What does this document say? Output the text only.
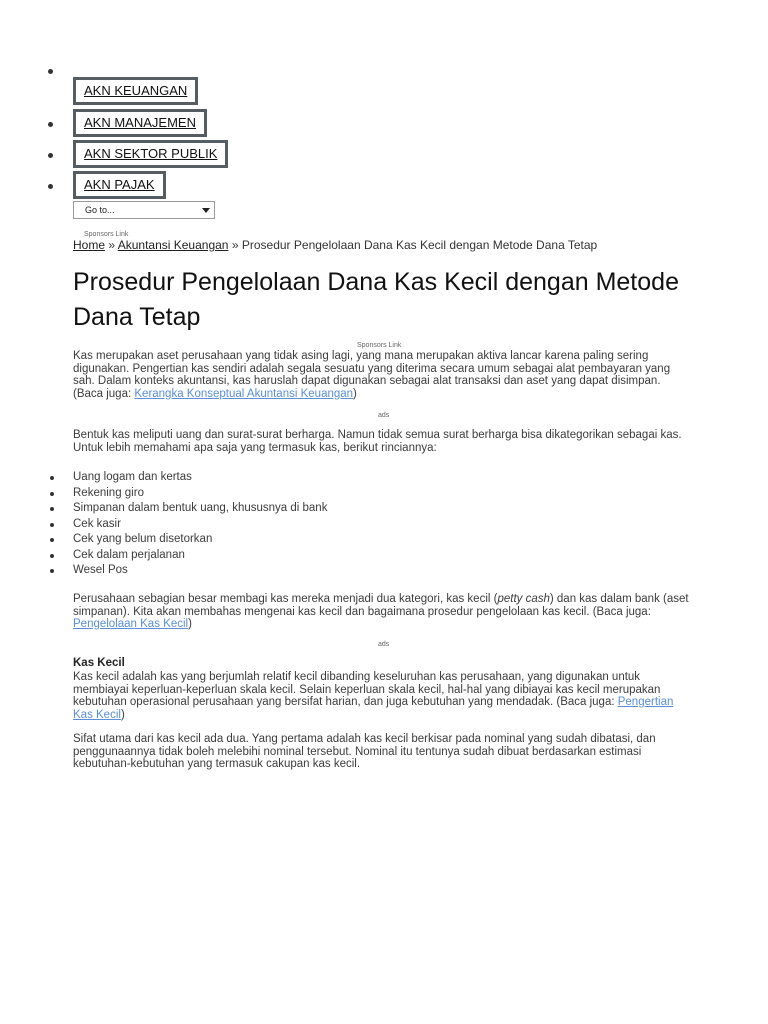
AKN KEUANGAN
AKN MANAJEMEN
AKN SEKTOR PUBLIK
AKN PAJAK
Go to...
Sponsors Link
Home » Akuntansi Keuangan » Prosedur Pengelolaan Dana Kas Kecil dengan Metode Dana Tetap
Prosedur Pengelolaan Dana Kas Kecil dengan Metode Dana Tetap
Sponsors Link

Kas merupakan aset perusahaan yang tidak asing lagi, yang mana merupakan aktiva lancar karena paling sering digunakan. Pengertian kas sendiri adalah segala sesuatu yang diterima secara umum sebagai alat pembayaran yang sah. Dalam konteks akuntansi, kas haruslah dapat digunakan sebagai alat transaksi dan aset yang dapat disimpan. (Baca juga: Kerangka Konseptual Akuntansi Keuangan)

ads

Bentuk kas meliputi uang dan surat-surat berharga. Namun tidak semua surat berharga bisa dikategorikan sebagai kas. Untuk lebih memahami apa saja yang termasuk kas, berikut rinciannya:

Uang logam dan kertas
Rekening giro
Simpanan dalam bentuk uang, khususnya di bank
Cek kasir
Cek yang belum disetorkan
Cek dalam perjalanan
Wesel Pos

Perusahaan sebagian besar membagi kas mereka menjadi dua kategori, kas kecil (petty cash) dan kas dalam bank (aset simpanan). Kita akan membahas mengenai kas kecil dan bagaimana prosedur pengelolaan kas kecil. (Baca juga: Pengelolaan Kas Kecil)

ads
Kas Kecil

Kas kecil adalah kas yang berjumlah relatif kecil dibanding keseluruhan kas perusahaan, yang digunakan untuk membiayai keperluan-keperluan skala kecil. Selain keperluan skala kecil, hal-hal yang dibiayai kas kecil merupakan kebutuhan operasional perusahaan yang bersifat harian, dan juga kebutuhan yang mendadak. (Baca juga: Pengertian Kas Kecil)

Sifat utama dari kas kecil ada dua. Yang pertama adalah kas kecil berkisar pada nominal yang sudah dibatasi, dan penggunaannya tidak boleh melebihi nominal tersebut. Nominal itu tentunya sudah dibuat berdasarkan estimasi kebutuhan-kebutuhan yang termasuk cakupan kas kecil.
